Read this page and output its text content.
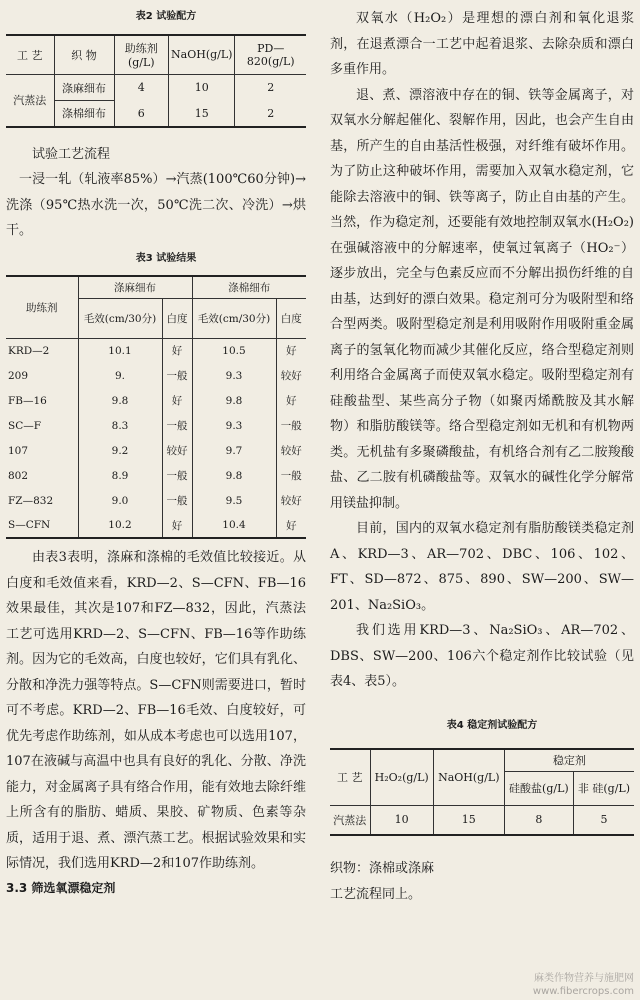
表2 试验配方

工 艺	织 物	助练剂(g/L)	NaOH(g/L)	PD—820(g/L)
汽蒸法	涤麻细布	4	10	2
	涤棉细布	6	15	2

试验工艺流程

一浸一轧（轧液率85%）→汽蒸(100℃60分钟)→洗涤（95℃热水洗一次，50℃洗二次、冷洗）→烘干。

表3 试验结果

助练剂	涤麻细布		涤棉细布	
	毛效(cm/30分)	白度	毛效(cm/30分)	白度
KRD—2	10.1	好	10.5	好
209	9.	一般	9.3	较好
FB—16	9.8	好	9.8	好
SC—F	8.3	一般	9.3	一般
107	9.2	较好	9.7	较好
802	8.9	一般	9.8	一般
FZ—832	9.0	一般	9.5	较好
S—CFN	10.2	好	10.4	好

由表3表明，涤麻和涤棉的毛效值比较接近。从白度和毛效值来看，KRD—2、S—CFN、FB—16效果最佳，其次是107和FZ—832，因此，汽蒸法工艺可选用KRD—2、S—CFN、FB—16等作助练剂。因为它的毛效高，白度也较好，它们具有乳化、分散和净洗力强等特点。S—CFN则需要进口，暂时可不考虑。KRD—2、FB—16毛效、白度较好，可优先考虑作助练剂，如从成本考虑也可以选用107，107在液碱与高温中也具有良好的乳化、分散、净洗能力，对金属离子具有络合作用，能有效地去除纤维上所含有的脂肪、蜡质、果胶、矿物质、色素等杂质，适用于退、煮、漂汽蒸工艺。根据试验效果和实际情况，我们选用KRD—2和107作助练剂。

3.3 筛选氧漂稳定剂

双氧水（H₂O₂）是理想的漂白剂和氧化退浆剂，在退煮漂合一工艺中起着退浆、去除杂质和漂白多重作用。

退、煮、漂溶液中存在的铜、铁等金属离子，对双氧水分解起催化、裂解作用，因此，也会产生自由基，所产生的自由基活性极强，对纤维有破坏作用。为了防止这种破坏作用，需要加入双氧水稳定剂，它能除去溶液中的铜、铁等离子，防止自由基的产生。当然，作为稳定剂，还要能有效地控制双氧水(H₂O₂)在强碱溶液中的分解速率，使氧过氧离子（HO₂⁻）逐步放出，完全与色素反应而不分解出损伤纤维的自由基，达到好的漂白效果。稳定剂可分为吸附型和络合型两类。吸附型稳定剂是利用吸附作用吸附重金属离子的氢氧化物而减少其催化反应，络合型稳定剂则利用络合金属离子而使双氧水稳定。吸附型稳定剂有硅酸盐型、某些高分子物（如聚丙烯酰胺及其水解物）和脂肪酸镁等。络合型稳定剂如无机和有机物两类。无机盐有多聚磷酸盐，有机络合剂有乙二胺羧酸盐、乙二胺有机磷酸盐等。双氧水的碱性化学分解常用镁盐抑制。

目前，国内的双氧水稳定剂有脂肪酸镁类稳定剂A、KRD—3、AR—702、DBC、106、102、FT、SD—872、875、890、SW—200、SW—201、Na₂SiO₃。

我们选用KRD—3、Na₂SiO₃、AR—702、DBS、SW—200、106六个稳定剂作比较试验（见表4、表5）。

表4 稳定剂试验配方

工 艺	H₂O₂(g/L)	NaOH(g/L)	稳定剂	
			硅酸盐(g/L)	非 硅(g/L)
汽蒸法	10	15	8	5

织物：涤棉或涤麻

工艺流程同上。

麻类作物营养与施肥网
www.fibercrops.com
